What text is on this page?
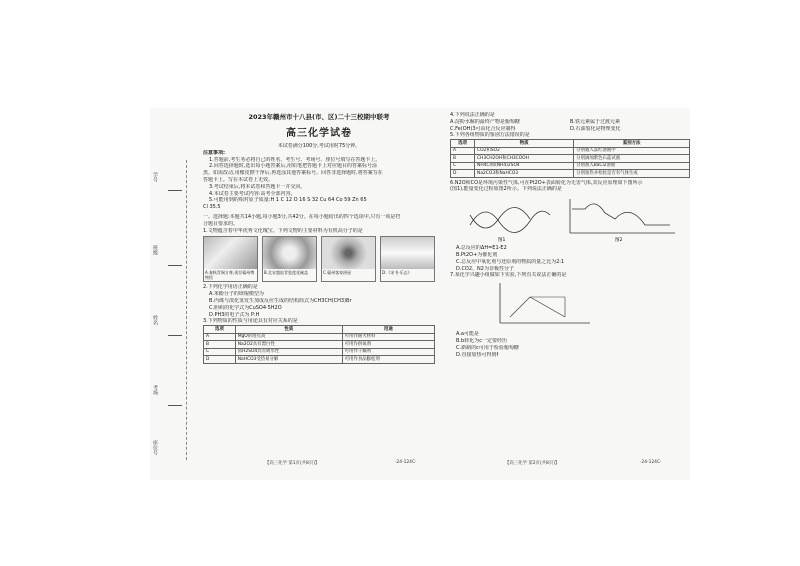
学号
班级
姓名
考场
座位号
2023年赣州市十八县(市、区)二十三校期中联考
高三化学试卷
本试卷满分100分,考试用时75分钟。
注意事项:
1.答题前,考生务必将自己的姓名、考生号、考场号、座位号填写在答题卡上。
2.回答选择题时,选出每小题答案后,用铅笔把答题卡上对应题目的答案标号涂
黑。如需改动,用橡皮擦干净后,再选涂其他答案标号。回答非选择题时,将答案写在
答题卡上。写在本试卷上无效。
3.考试结束后,将本试卷和答题卡一并交回。
4.本试卷主要考试内容:高考全部内容。
5.可能用到的相对原子质量:H 1 C 12 O 16 S 32 Cu 64 Co 59 Zn 65
Cl 35.5
一、选择题:本题共14小题,每小题3分,共42分。在每小题给出的四个选项中,只有一项是符
合题目要求的。
1.文物蕴含着中华优秀文化瑰宝。下列文物的主要材料为有机高分子的是
A.春秋青铜方尊,现存赣州博物馆
B.北宋越窑青瓷莲花碗盖	C.赣州客家围屋	D.《宋书·乐志》
2.下列化学用语正确的是
A.苯酚分子的球棍模型为
B.丙烯与溴化氢发生加成反应生成的结构简式为CH3CH(CH3)Br
C.胆矾的化学式为CuSO4·5H2O
D.PH3的电子式为 P:H
3.下列物质的性质与用途具有对应关系的是
选项	性质	用途
A	MgO的熔点高	可用作耐火材料
B	Na2O2具有漂白性	可用作供氧剂
C	浓H2SO4具有吸水性	可用作干燥剂
D	NaHCO3受热易分解	可用作食品膨松剂
【高三化学 第1页(共8页)】	·24-124C·
4.下列说法正确的是
A.淀粉水解的最终产物是葡萄糖	B.铁元素属于过渡元素
C.Fe(OH)3可由化合反应制得	D.石油裂化是物理变化
5.下列各组物质的鉴别方法错误的是
选项	物质	鉴别方法
A	CO2和SO2	分别通入品红溶液中
B	CH3CH2OH和CH3COOH	分别滴加紫色石蕊试液
C	NH4Cl和(NH4)2SO4	分别加入BaCl2溶液
D	Na2CO3和NaHCO3	分别加热并检验是否有气体生成
6.N2O和CO是环境污染性气体,可在Pt2O+表面转化为无害气体,其反应原理如下图所示
(图1),能量变化过程如图2所示。下列说法正确的是
图1	图2
A.总反应的ΔH=E1-E2
B.Pt2O+为催化剂
C.总反应中氧化剂与还原剂的物质的量之比为2:1
D.CO2、N2为非极性分子
7.某化学兴趣小组做如下实验,下列有关说法正确的是
A.a可能是
B.b转化为c一定要经历
C.新制的c可用于检验葡萄糖
D.直接加热可得到f
【高三化学 第2页(共8页)】	·24-124C·
